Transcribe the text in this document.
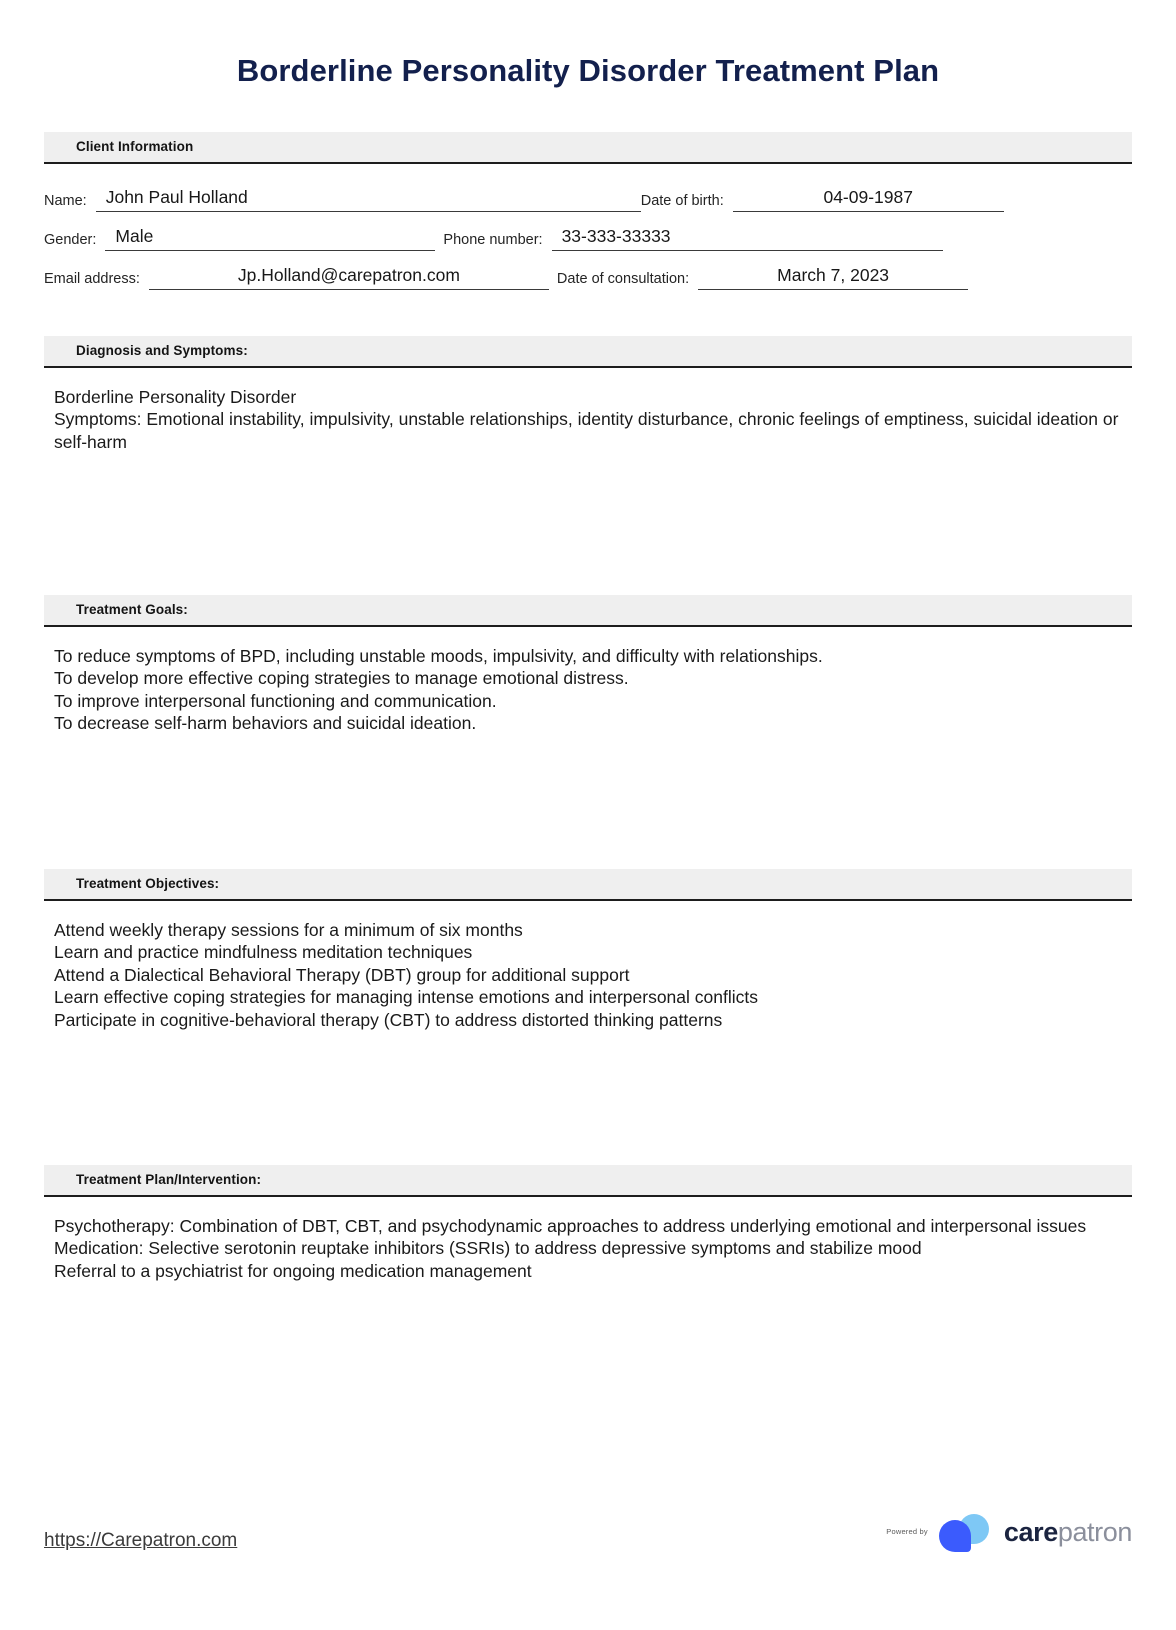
Borderline Personality Disorder Treatment Plan
Client Information
Name: John Paul Holland	Date of birth:	04-09-1987
Gender: Male	Phone number: 33-333-33333
Email address:	Jp.Holland@carepatron.com	Date of consultation:	March 7, 2023
Diagnosis and Symptoms:
Borderline Personality Disorder
Symptoms: Emotional instability, impulsivity, unstable relationships, identity disturbance, chronic feelings of emptiness, suicidal ideation or self-harm
Treatment Goals:
To reduce symptoms of BPD, including unstable moods, impulsivity, and difficulty with relationships.
To develop more effective coping strategies to manage emotional distress.
To improve interpersonal functioning and communication.
To decrease self-harm behaviors and suicidal ideation.
Treatment Objectives:
Attend weekly therapy sessions for a minimum of six months
Learn and practice mindfulness meditation techniques
Attend a Dialectical Behavioral Therapy (DBT) group for additional support
Learn effective coping strategies for managing intense emotions and interpersonal conflicts
Participate in cognitive-behavioral therapy (CBT) to address distorted thinking patterns
Treatment Plan/Intervention:
Psychotherapy: Combination of DBT, CBT, and psychodynamic approaches to address underlying emotional and interpersonal issues
Medication: Selective serotonin reuptake inhibitors (SSRIs) to address depressive symptoms and stabilize mood
Referral to a psychiatrist for ongoing medication management
https://Carepatron.com	Powered by	carepatron
